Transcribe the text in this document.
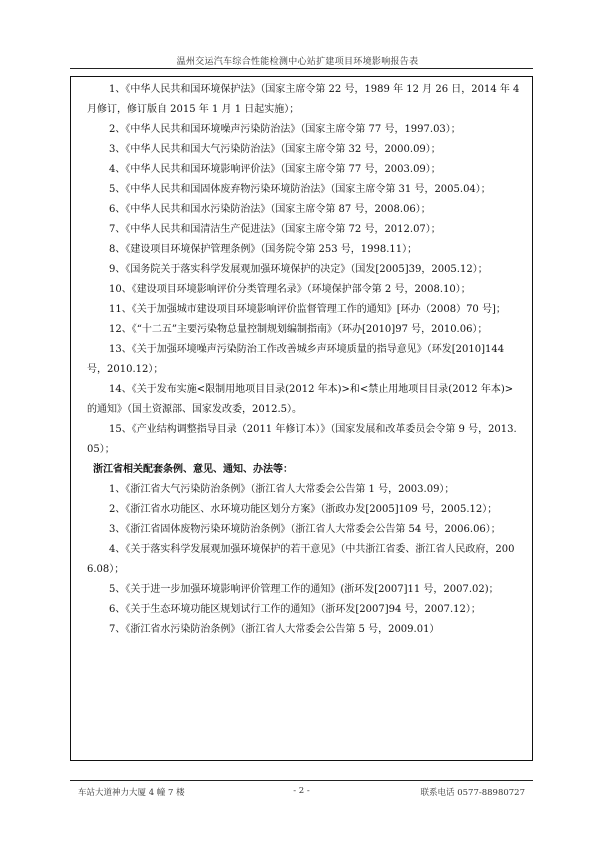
温州交运汽车综合性能检测中心站扩建项目环境影响报告表

1、《中华人民共和国环境保护法》（国家主席令第 22 号，1989 年 12 月 26 日，2014 年 4 月修订，修订版自 2015 年 1 月 1 日起实施）；

2、《中华人民共和国环境噪声污染防治法》（国家主席令第 77 号，1997.03）；

3、《中华人民共和国大气污染防治法》（国家主席令第 32 号，2000.09）；

4、《中华人民共和国环境影响评价法》（国家主席令第 77 号，2003.09）；

5、《中华人民共和国固体废弃物污染环境防治法》（国家主席令第 31 号，2005.04）；

6、《中华人民共和国水污染防治法》（国家主席令第 87 号，2008.06）；

7、《中华人民共和国清洁生产促进法》（国家主席令第 72 号，2012.07）；

8、《建设项目环境保护管理条例》（国务院令第 253 号，1998.11）；

9、《国务院关于落实科学发展观加强环境保护的决定》（国发[2005]39，2005.12）；

10、《建设项目环境影响评价分类管理名录》（环境保护部令第 2 号，2008.10）；

11、《关于加强城市建设项目环境影响评价监督管理工作的通知》[环办（2008）70 号]；

12、《“十二五”主要污染物总量控制规划编制指南》（环办[2010]97 号，2010.06）；

13、《关于加强环境噪声污染防治工作改善城乡声环境质量的指导意见》（环发[2010]144 号，2010.12）；

14、《关于发布实施<限制用地项目目录(2012 年本)>和<禁止用地项目目录(2012 年本)>的通知》（国土资源部、国家发改委，2012.5）。

15、《产业结构调整指导目录（2011 年修订本）》（国家发展和改革委员会令第 9 号，2013.05）；

浙江省相关配套条例、意见、通知、办法等：

1、《浙江省大气污染防治条例》（浙江省人大常委会公告第 1 号，2003.09）；

2、《浙江省水功能区、水环境功能区划分方案》（浙政办发[2005]109 号，2005.12）；

3、《浙江省固体废物污染环境防治条例》（浙江省人大常委会公告第 54 号，2006.06）；

4、《关于落实科学发展观加强环境保护的若干意见》（中共浙江省委、浙江省人民政府，2006.08）；

5、《关于进一步加强环境影响评价管理工作的通知》(浙环发[2007]11 号，2007.02)；

6、《关于生态环境功能区规划试行工作的通知》（浙环发[2007]94 号，2007.12）；

7、《浙江省水污染防治条例》（浙江省人大常委会公告第 5 号，2009.01）

车站大道神力大厦 4 幢 7 楼	- 2 -	联系电话 0577-88980727
